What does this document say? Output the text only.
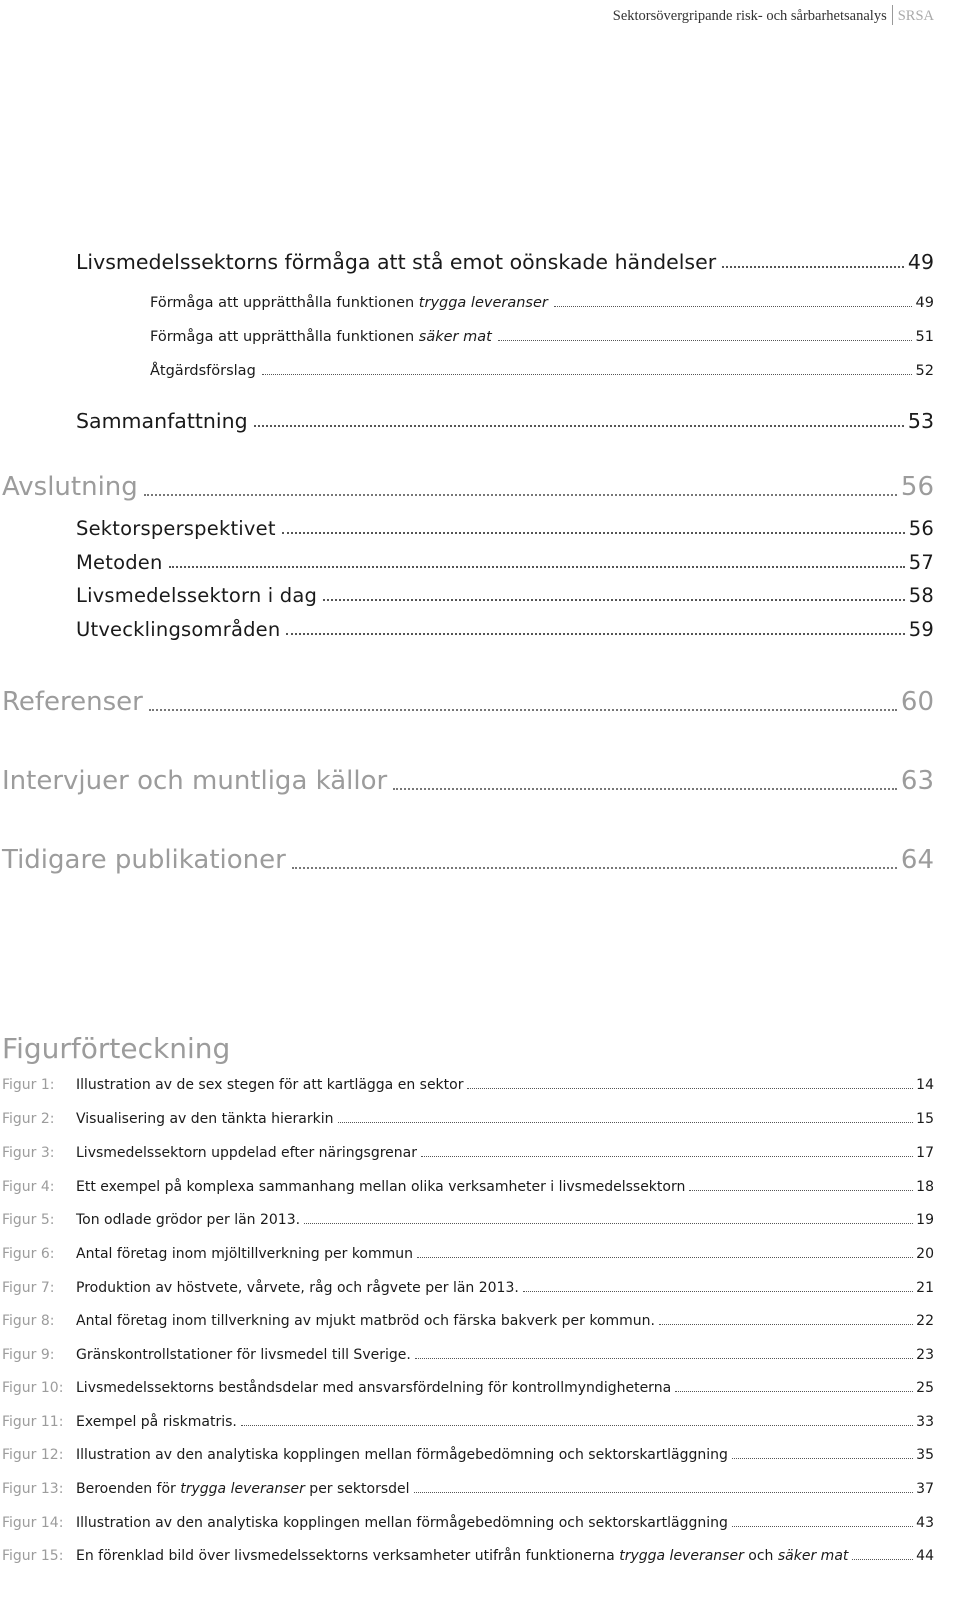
Sektorsövergripande risk- och sårbarhetsanalys SRSA
Livsmedelssektorns förmåga att stå emot oönskade händelser	49
Förmåga att upprätthålla funktionen trygga leveranser	49
Förmåga att upprätthålla funktionen säker mat	51
Åtgärdsförslag	52
Sammanfattning	53
Avslutning	56
Sektorsperspektivet	56
Metoden	57
Livsmedelssektorn i dag	58
Utvecklingsområden	59
Referenser	60
Intervjuer och muntliga källor	63
Tidigare publikationer	64
Figurförteckning
Figur 1:	Illustration av de sex stegen för att kartlägga en sektor	14
Figur 2:	Visualisering av den tänkta hierarkin	15
Figur 3:	Livsmedelssektorn uppdelad efter näringsgrenar	17
Figur 4:	Ett exempel på komplexa sammanhang mellan olika verksamheter i livsmedelssektorn	18
Figur 5:	Ton odlade grödor per län 2013.	19
Figur 6:	Antal företag inom mjöltillverkning per kommun	20
Figur 7:	Produktion av höstvete, vårvete, råg och rågvete per län 2013.	21
Figur 8:	Antal företag inom tillverkning av mjukt matbröd och färska bakverk per kommun.	22
Figur 9:	Gränskontrollstationer för livsmedel till Sverige.	23
Figur 10: Livsmedelssektorns beståndsdelar med ansvarsfördelning för kontrollmyndigheterna	25
Figur 11: Exempel på riskmatris.	33
Figur 12: Illustration av den analytiska kopplingen mellan förmågebedömning och sektorskartläggning	35
Figur 13: Beroenden för trygga leveranser per sektorsdel	37
Figur 14: Illustration av den analytiska kopplingen mellan förmågebedömning och sektorskartläggning	43
Figur 15: En förenklad bild över livsmedelssektorns verksamheter utifrån funktionerna trygga leveranser och säker mat	44
